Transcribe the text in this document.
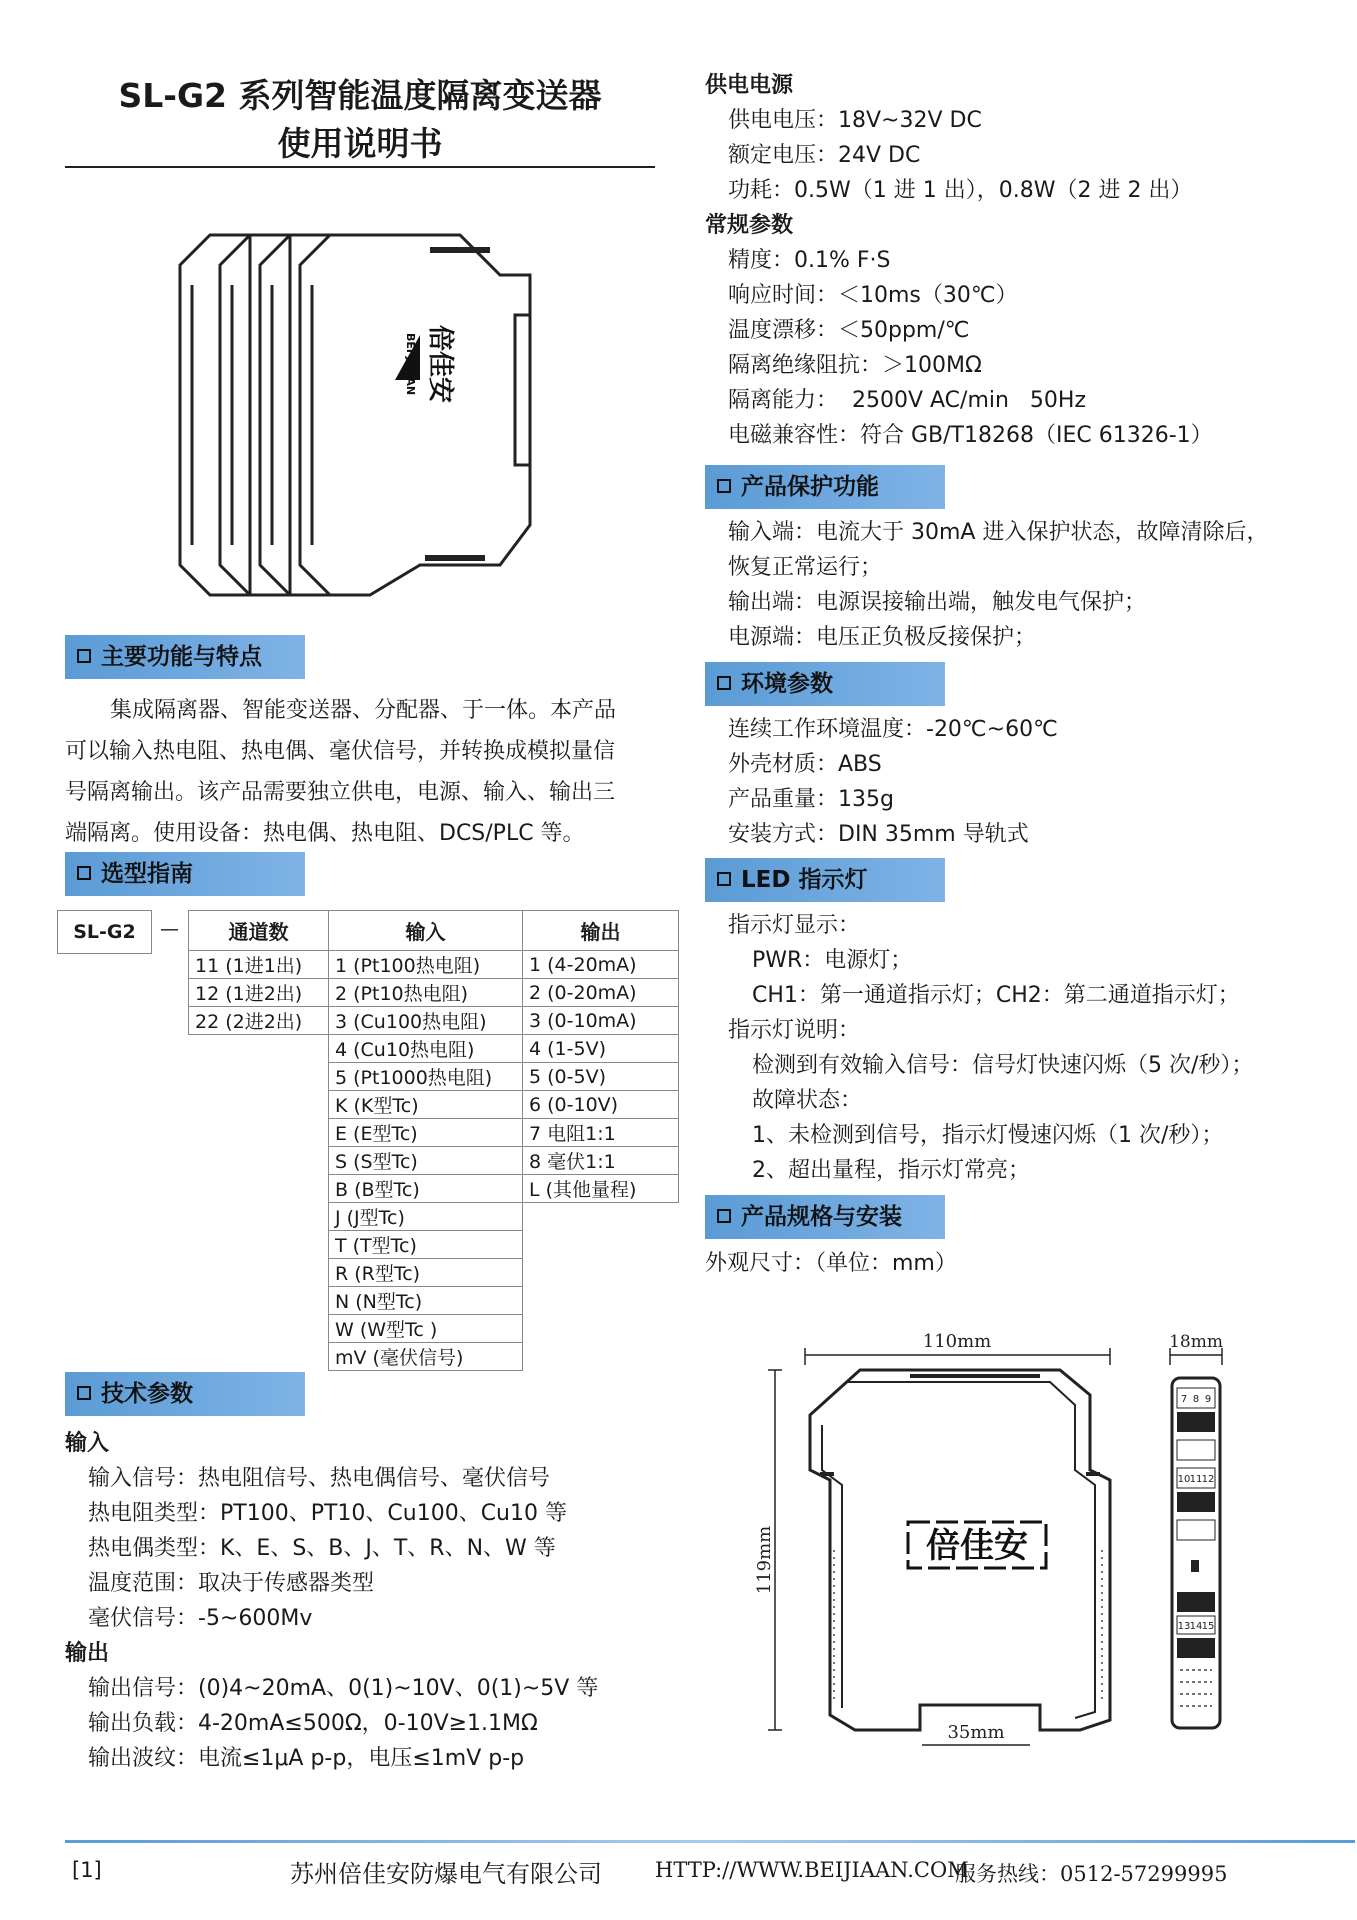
SL-G2 系列智能温度隔离变送器
使用说明书
倍佳安
BEI JIA AN
主要功能与特点
集成隔离器、智能变送器、分配器、于一体。本产品
可以输入热电阻、热电偶、毫伏信号，并转换成模拟量信
号隔离输出。该产品需要独立供电，电源、输入、输出三
端隔离。使用设备：热电偶、热电阻、DCS/PLC 等。
选型指南
SL-G2	— 通道数	输入	输出
11 (1进1出)	1 (Pt100热电阻)	1 (4-20mA)
12 (1进2出)	2 (Pt10热电阻)	2 (0-20mA)
22 (2进2出)	3 (Cu100热电阻)	3 (0-10mA)
	4 (Cu10热电阻)	4 (1-5V)
	5 (Pt1000热电阻)	5 (0-5V)
	K (K型Tc)	6 (0-10V)
	E (E型Tc)	7 电阻1:1
	S (S型Tc)	8 毫伏1:1
	B (B型Tc)	L (其他量程)
	J (J型Tc)	
	T (T型Tc)	
	R (R型Tc)	
	N (N型Tc)	
	W (W型Tc )	
	mV (毫伏信号)	
技术参数
输入
输入信号：热电阻信号、热电偶信号、毫伏信号
热电阻类型：PT100、PT10、Cu100、Cu10 等
热电偶类型：K、E、S、B、J、T、R、N、W 等
温度范围：取决于传感器类型
毫伏信号：-5~600Mv
输出
输出信号：(0)4~20mA、0(1)~10V、0(1)~5V 等
输出负载：4-20mA≤500Ω，0-10V≥1.1MΩ
输出波纹：电流≤1μA p-p，电压≤1mV p-p
供电电源
供电电压：18V~32V DC
额定电压：24V DC
功耗：0.5W（1 进 1 出），0.8W（2 进 2 出）
常规参数
精度：0.1% F·S
响应时间：＜10ms（30℃）
温度漂移：＜50ppm/℃
隔离绝缘阻抗：＞100MΩ
隔离能力：  2500V AC/min   50Hz
电磁兼容性：符合 GB/T18268（IEC 61326-1）
产品保护功能
输入端：电流大于 30mA 进入保护状态，故障清除后，
恢复正常运行；
输出端：电源误接输出端，触发电气保护；
电源端：电压正负极反接保护；
环境参数
连续工作环境温度：-20℃~60℃
外壳材质：ABS
产品重量：135g
安装方式：DIN 35mm 导轨式
LED 指示灯
指示灯显示：
PWR：电源灯；
CH1：第一通道指示灯；CH2：第二通道指示灯；
指示灯说明：
检测到有效输入信号：信号灯快速闪烁（5 次/秒）；
故障状态：
1、未检测到信号，指示灯慢速闪烁（1 次/秒）；
2、超出量程，指示灯常亮；
产品规格与安装
外观尺寸：（单位：mm）
倍佳安
110mm
119mm
35mm
18mm
7 8 9
10 11 12
13 14 15
[1]	苏州倍佳安防爆电气有限公司	HTTP://WWW.BEIJIAAN.COM
服务热线：0512-57299995
